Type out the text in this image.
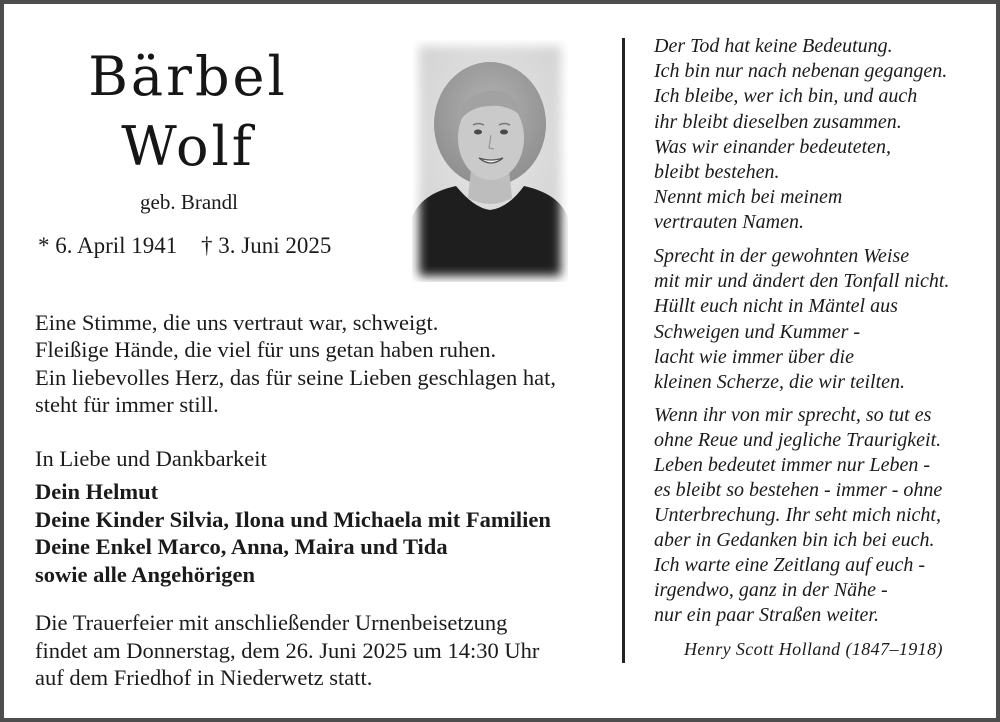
Bärbel
Wolf
geb. Brandl
* 6. April 1941 † 3. Juni 2025
Eine Stimme, die uns vertraut war, schweigt.
Fleißige Hände, die viel für uns getan haben ruhen.
Ein liebevolles Herz, das für seine Lieben geschlagen hat,
steht für immer still.
In Liebe und Dankbarkeit
Dein Helmut
Deine Kinder Silvia, Ilona und Michaela mit Familien
Deine Enkel Marco, Anna, Maira und Tida
sowie alle Angehörigen
Die Trauerfeier mit anschließender Urnenbeisetzung
findet am Donnerstag, dem 26. Juni 2025 um 14:30 Uhr
auf dem Friedhof in Niederwetz statt.
Der Tod hat keine Bedeutung.
Ich bin nur nach nebenan gegangen.
Ich bleibe, wer ich bin, und auch
ihr bleibt dieselben zusammen.
Was wir einander bedeuteten,
bleibt bestehen.
Nennt mich bei meinem
vertrauten Namen.
Sprecht in der gewohnten Weise
mit mir und ändert den Tonfall nicht.
Hüllt euch nicht in Mäntel aus
Schweigen und Kummer -
lacht wie immer über die
kleinen Scherze, die wir teilten.
Wenn ihr von mir sprecht, so tut es
ohne Reue und jegliche Traurigkeit.
Leben bedeutet immer nur Leben -
es bleibt so bestehen - immer - ohne
Unterbrechung. Ihr seht mich nicht,
aber in Gedanken bin ich bei euch.
Ich warte eine Zeitlang auf euch -
irgendwo, ganz in der Nähe -
nur ein paar Straßen weiter.
Henry Scott Holland (1847–1918)
